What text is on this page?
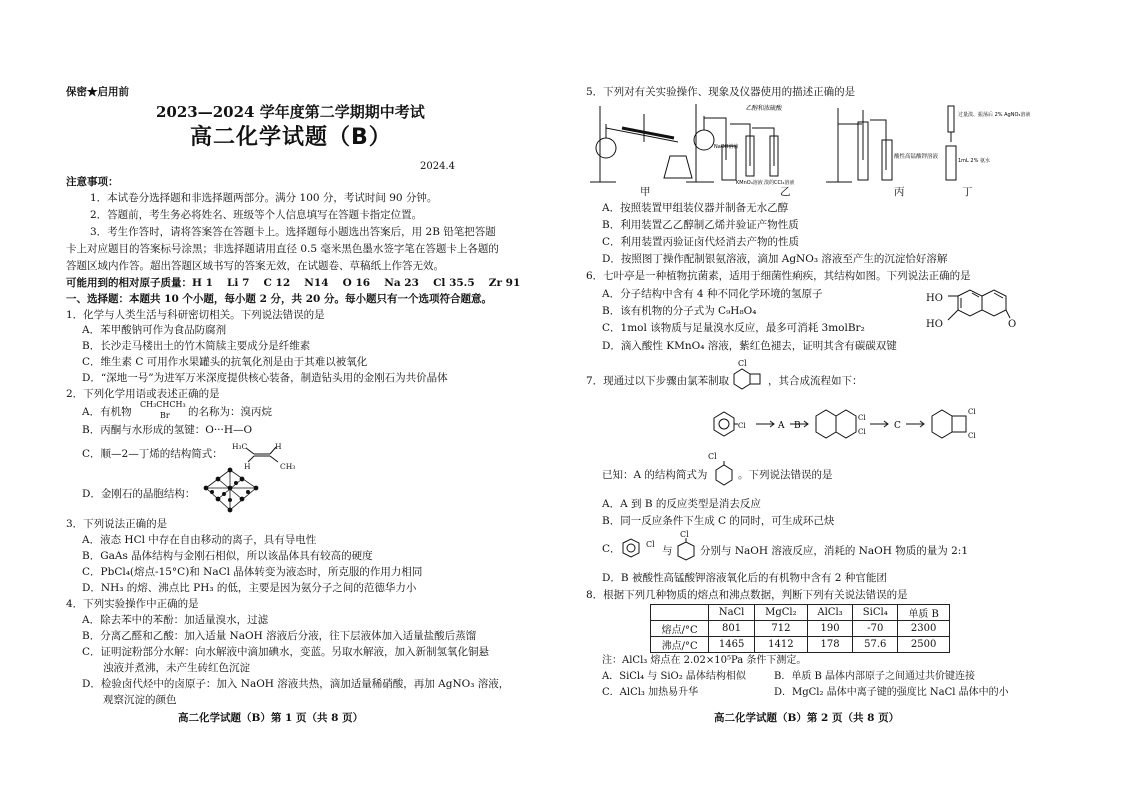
保密★启用前
2023—2024 学年度第二学期期中考试
高二化学试题（B）
2024.4
注意事项：
1．本试卷分选择题和非选择题两部分。满分 100 分，考试时间 90 分钟。
2．答题前，考生务必将姓名、班级等个人信息填写在答题卡指定位置。
3．考生作答时，请将答案答在答题卡上。选择题每小题选出答案后，用 2B 铅笔把答题
卡上对应题目的答案标号涂黑；非选择题请用直径 0.5 毫米黑色墨水签字笔在答题卡上各题的
答题区域内作答。超出答题区域书写的答案无效，在试题卷、草稿纸上作答无效。
可能用到的相对原子质量：H 1　 Li 7　 C 12　 N14　 O 16　 Na 23　 Cl 35.5　 Zr 91
一、选择题：本题共 10 个小题，每小题 2 分，共 20 分。每小题只有一个选项符合题意。
1．化学与人类生活与科研密切相关。下列说法错误的是
A．苯甲酸钠可作为食品防腐剂
B．长沙走马楼出土的竹木简牍主要成分是纤维素
C．维生素 C 可用作水果罐头的抗氧化剂是由于其难以被氧化
D．“深地一号”为进军万米深度提供核心装备，制造钻头用的金刚石为共价晶体
2．下列化学用语或表述正确的是
A．有机物
CH₃CHCH₃
Br 的名称为：溴丙烷
B．丙酮与水形成的氢键：O···H—O
C．顺—2—丁烯的结构简式：
H₃C	H
H	CH₃
D．金刚石的晶胞结构：
3．下列说法正确的是
A．液态 HCl 中存在自由移动的离子，具有导电性
B．GaAs 晶体结构与金刚石相似，所以该晶体具有较高的硬度
C．PbCl₄(熔点-15°C)和 NaCl 晶体转变为液态时，所克服的作用力相同
D．NH₃ 的熔、沸点比 PH₃ 的低，主要是因为氨分子之间的范德华力小
4．下列实验操作中正确的是
A．除去苯中的苯酚：加适量溴水，过滤
B．分离乙醛和乙酸：加入适量 NaOH 溶液后分液，往下层液体加入适量盐酸后蒸馏
C．证明淀粉部分水解：向水解液中滴加碘水，变蓝。另取水解液，加入新制氢氧化铜悬
　　浊液并煮沸，未产生砖红色沉淀
D．检验卤代烃中的卤原子：加入 NaOH 溶液共热，滴加适量稀硝酸，再加 AgNO₃ 溶液，
　　观察沉淀的颜色
高二化学试题（B）第 1 页（共 8 页）
5．下列对有关实验操作、现象及仪器使用的描述正确的是
乙醇和浓硫酸
NaOH溶液
KMnO₄溶液 溴的CCl₄溶液
酸性高锰酸钾溶液
过量溴、振荡后 2% AgNO₃溶液
1mL 2% 氨水
甲	乙	丙	丁
A．按照装置甲组装仪器并制备无水乙醇
B．利用装置乙乙醇制乙烯并验证产物性质
C．利用装置丙验证卤代烃消去产物的性质
D．按照图丁操作配制银氨溶液，滴加 AgNO₃ 溶液至产生的沉淀恰好溶解
6．七叶亭是一种植物抗菌素，适用于细菌性痢疾，其结构如图。下列说法正确的是
A．分子结构中含有 4 种不同化学环境的氢原子
B．该有机物的分子式为 C₉H₈O₄
C．1mol 该物质与足量溴水反应，最多可消耗 3molBr₂
D．滴入酸性 KMnO₄ 溶液，紫红色褪去，证明其含有碳碳双键
HO
HO	O
7．现通过以下步骤由氯苯制取
Cl
，其合成流程如下：
Cl	A B
Cl
Cl
C
Cl
Cl
已知：A 的结构简式为
Cl
。下列说法错误的是
A．A 到 B 的反应类型是消去反应
B．同一反应条件下生成 C 的同时，可生成环己炔
C．	Cl
与
Cl
分别与 NaOH 溶液反应，消耗的 NaOH 物质的量为 2:1
D．B 被酸性高锰酸钾溶液氧化后的有机物中含有 2 种官能团
8．根据下列几种物质的熔点和沸点数据，判断下列有关说法错误的是
	NaCl	MgCl₂	AlCl₃	SiCl₄	单质 B
熔点/°C	801	712	190	-70	2300
沸点/°C	1465	1412	178	57.6	2500
注：AlCl₃ 熔点在 2.02×10⁵Pa 条件下测定。
A．SiCl₄ 与 SiO₂ 晶体结构相似	B．单质 B 晶体内部原子之间通过共价键连接
C．AlCl₃ 加热易升华	D．MgCl₂ 晶体中离子键的强度比 NaCl 晶体中的小
高二化学试题（B）第 2 页（共 8 页）
